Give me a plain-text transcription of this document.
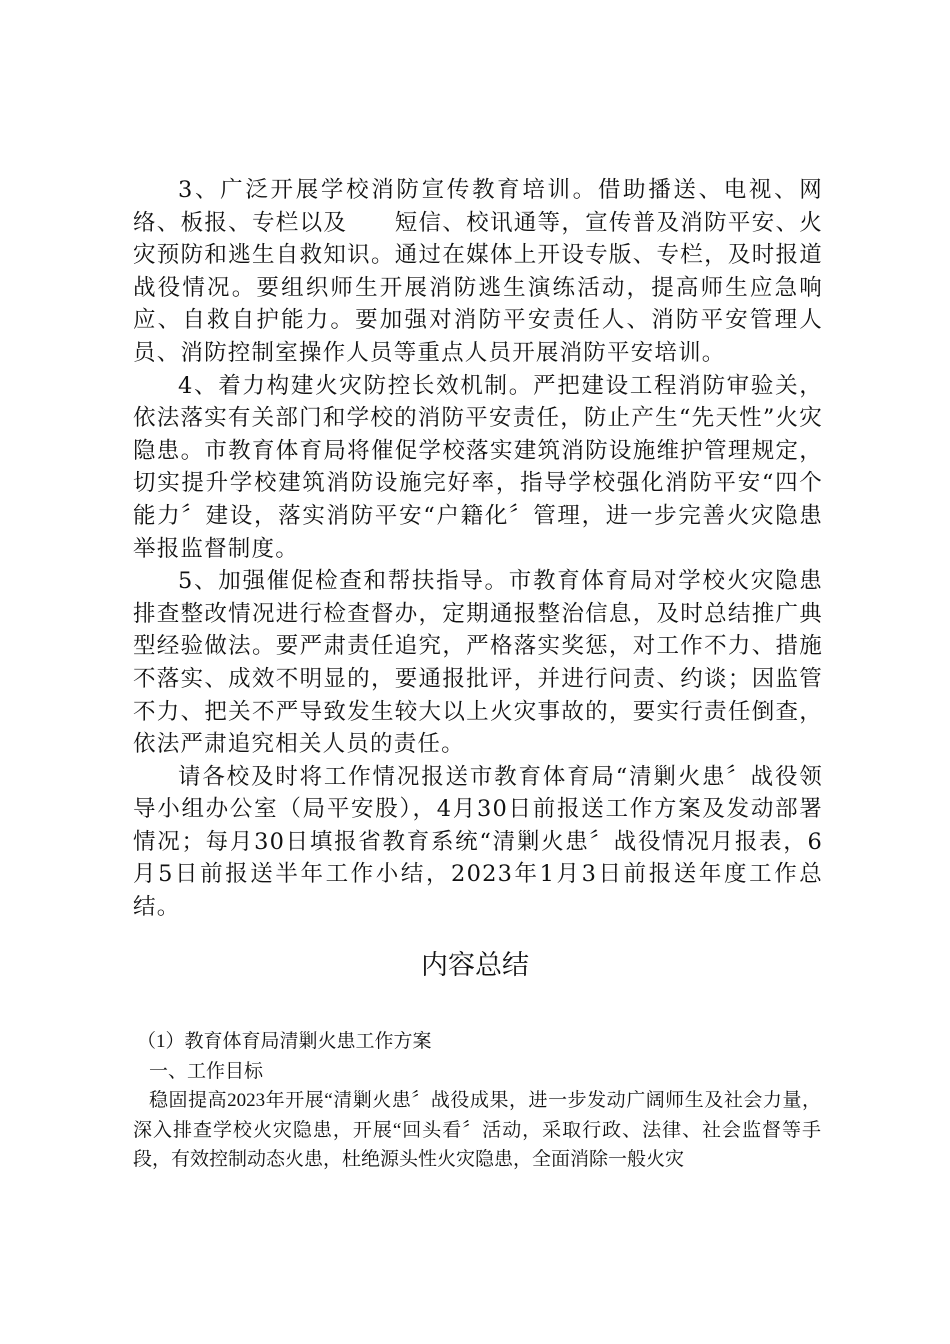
3、广泛开展学校消防宣传教育培训。借助播送、电视、网络、板报、专栏以及　　短信、校讯通等，宣传普及消防平安、火灾预防和逃生自救知识。通过在媒体上开设专版、专栏，及时报道战役情况。要组织师生开展消防逃生演练活动，提高师生应急响应、自救自护能力。要加强对消防平安责任人、消防平安管理人员、消防控制室操作人员等重点人员开展消防平安培训。

4、着力构建火灾防控长效机制。严把建设工程消防审验关，依法落实有关部门和学校的消防平安责任，防止产生“先天性”火灾隐患。市教育体育局将催促学校落实建筑消防设施维护管理规定，切实提升学校建筑消防设施完好率，指导学校强化消防平安“四个能力〞建设，落实消防平安“户籍化〞管理，进一步完善火灾隐患举报监督制度。

5、加强催促检查和帮扶指导。市教育体育局对学校火灾隐患排查整改情况进行检查督办，定期通报整治信息，及时总结推广典型经验做法。要严肃责任追究，严格落实奖惩，对工作不力、措施不落实、成效不明显的，要通报批评，并进行问责、约谈；因监管不力、把关不严导致发生较大以上火灾事故的，要实行责任倒查，依法严肃追究相关人员的责任。

请各校及时将工作情况报送市教育体育局“清剿火患〞战役领导小组办公室（局平安股），4月30日前报送工作方案及发动部署情况；每月30日填报省教育系统“清剿火患〞战役情况月报表，6月5日前报送半年工作小结，2023年1月3日前报送年度工作总结。

内容总结

（1）教育体育局清剿火患工作方案

一、工作目标

稳固提高2023年开展“清剿火患〞战役成果，进一步发动广阔师生及社会力量，深入排查学校火灾隐患，开展“回头看〞活动，采取行政、法律、社会监督等手段，有效控制动态火患，杜绝源头性火灾隐患，全面消除一般火灾
